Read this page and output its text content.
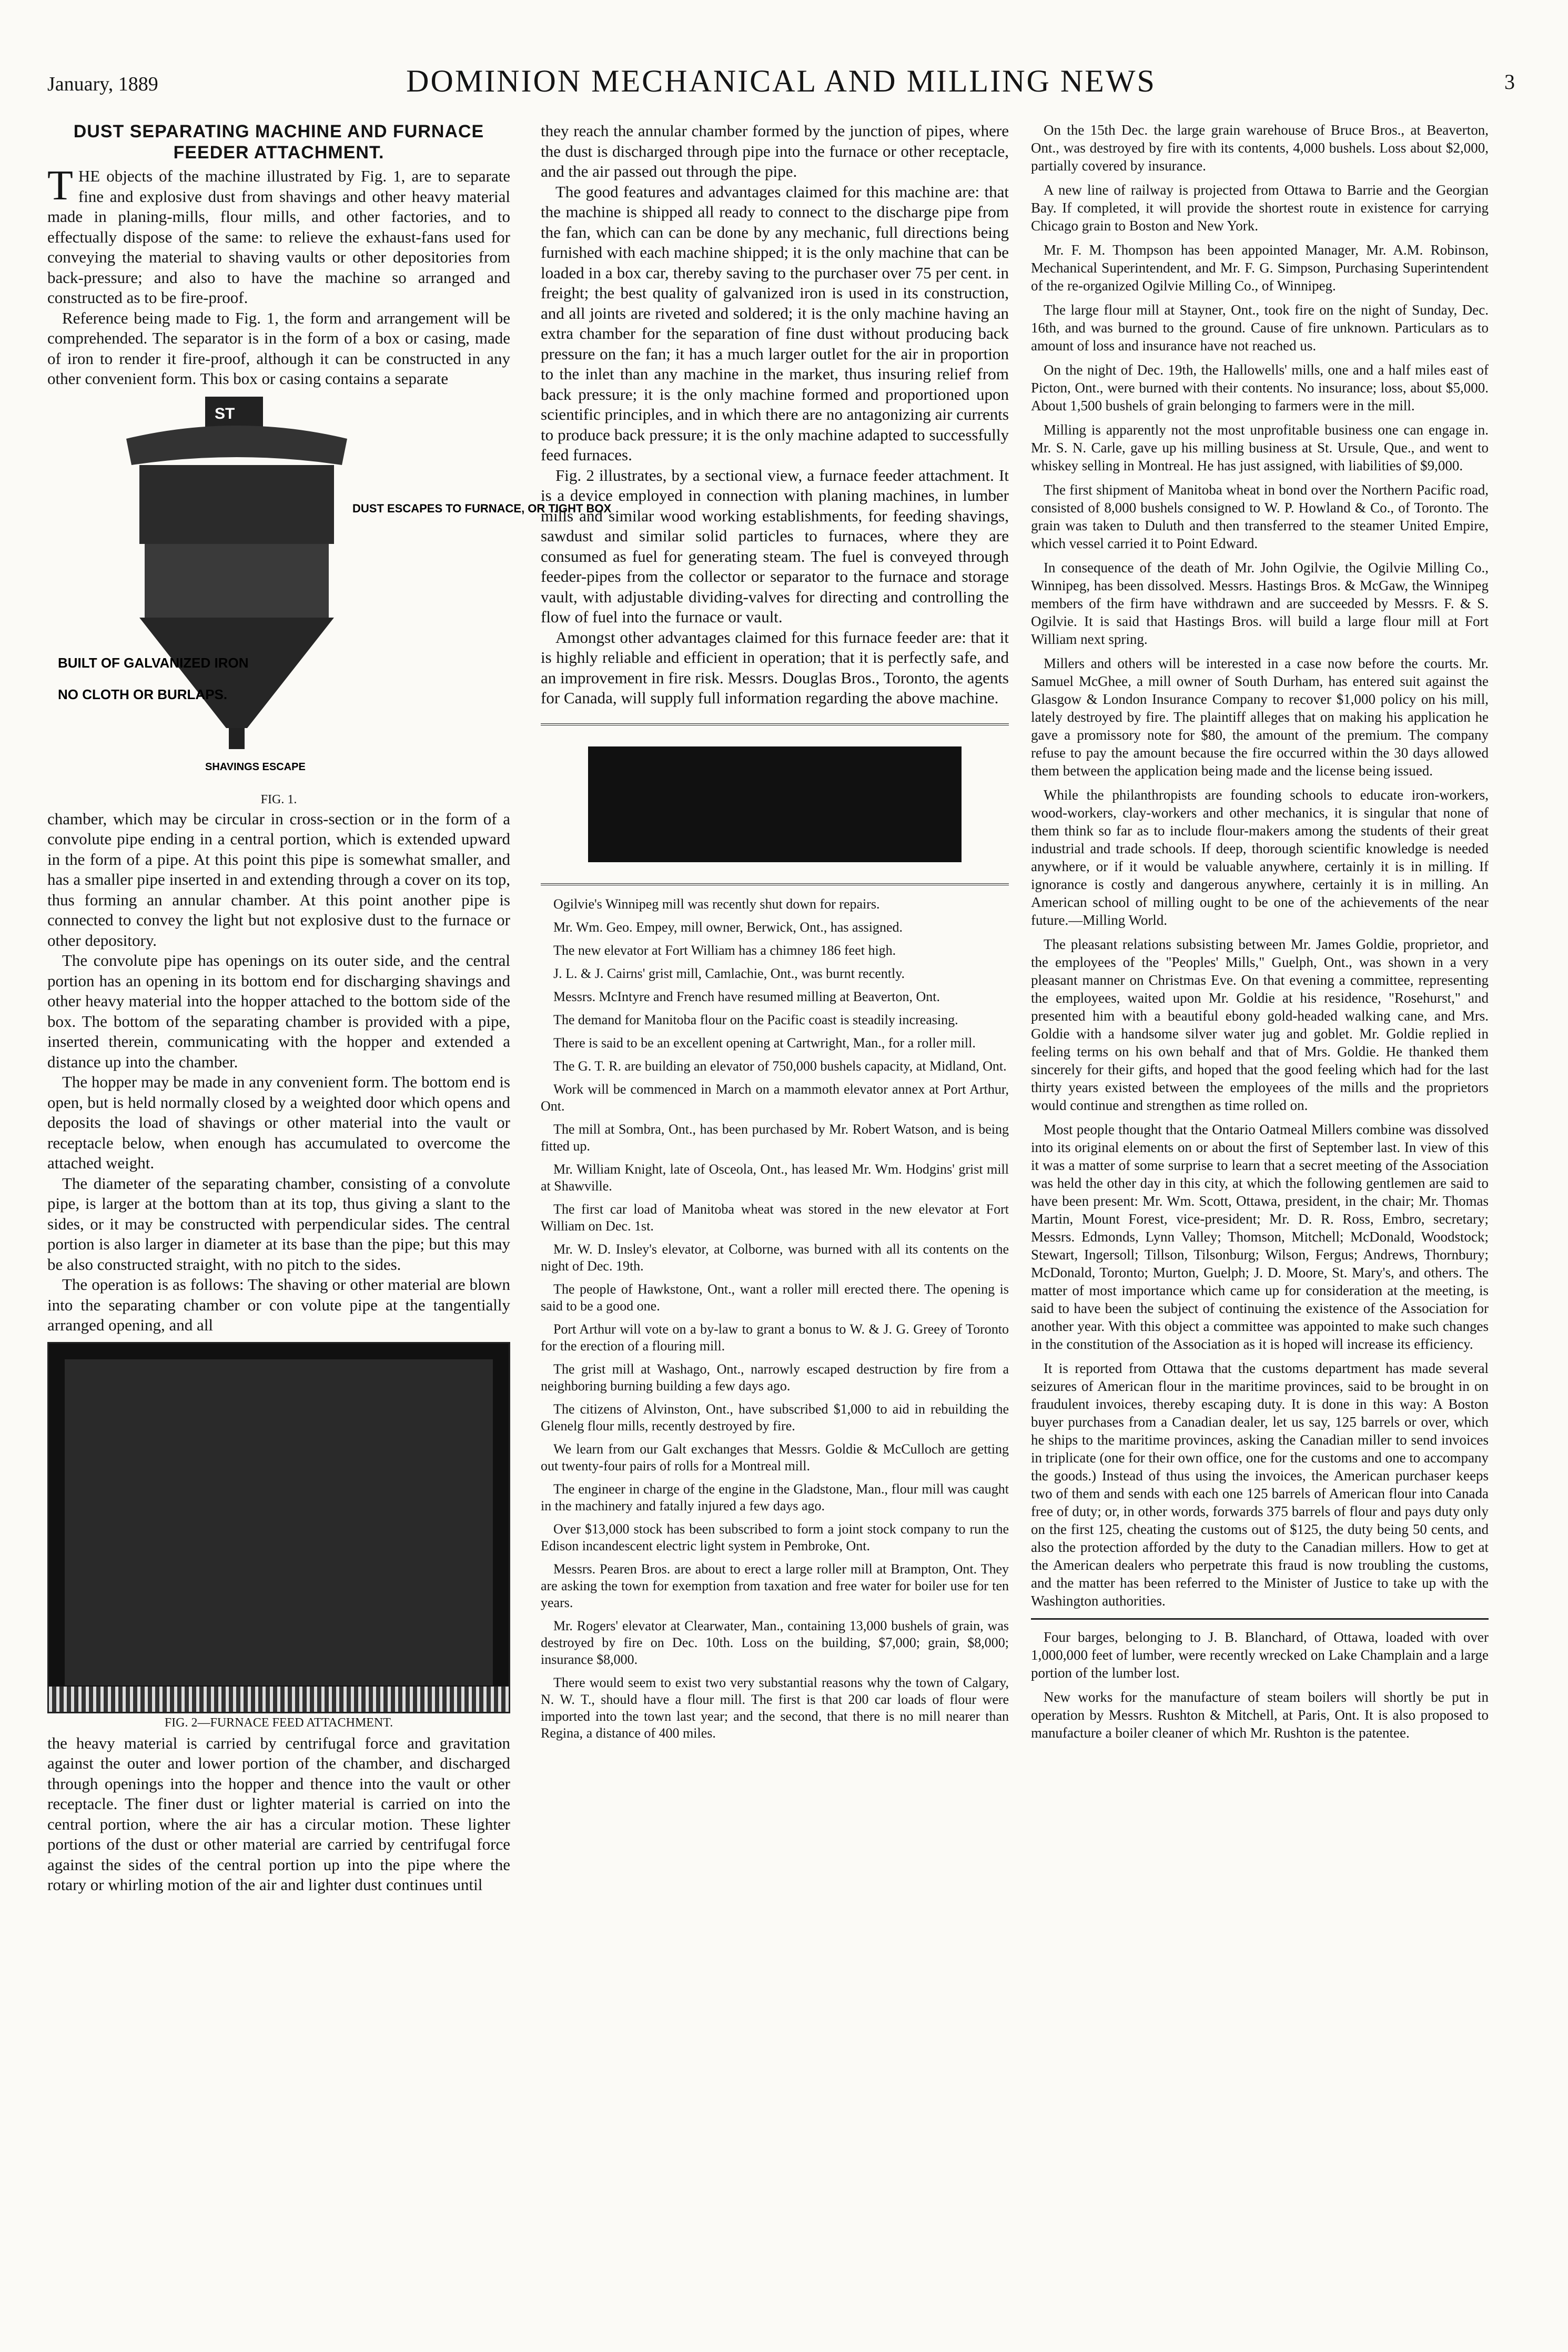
January, 1889	DOMINION MECHANICAL AND MILLING NEWS	3
DUST SEPARATING MACHINE AND FURNACE FEEDER ATTACHMENT.

THE objects of the machine illustrated by Fig. 1, are to separate fine and explosive dust from shavings and other heavy material made in planing-mills, flour mills, and other factories, and to effectually dispose of the same: to relieve the exhaust-fans used for conveying the material to shaving vaults or other depositories from back-pressure; and also to have the machine so arranged and constructed as to be fire-proof.

Reference being made to Fig. 1, the form and arrangement will be comprehended. The separator is in the form of a box or casing, made of iron to render it fire-proof, although it can be constructed in any other convenient form. This box or casing contains a separate

ST
DUST ESCAPES TO FURNACE, OR TIGHT BOX
BUILT OF GALVANIZED IRON
NO CLOTH OR BURLAPS.
SHAVINGS ESCAPE
FIG. 1.

chamber, which may be circular in cross-section or in the form of a convolute pipe ending in a central portion, which is extended upward in the form of a pipe. At this point this pipe is somewhat smaller, and has a smaller pipe inserted in and extending through a cover on its top, thus forming an annular chamber. At this point another pipe is connected to convey the light but not explosive dust to the furnace or other depository.

The convolute pipe has openings on its outer side, and the central portion has an opening in its bottom end for discharging shavings and other heavy material into the hopper attached to the bottom side of the box. The bottom of the separating chamber is provided with a pipe, inserted therein, communicating with the hopper and extended a distance up into the chamber.

The hopper may be made in any convenient form. The bottom end is open, but is held normally closed by a weighted door which opens and deposits the load of shavings or other material into the vault or receptacle below, when enough has accumulated to overcome the attached weight.

The diameter of the separating chamber, consisting of a convolute pipe, is larger at the bottom than at its top, thus giving a slant to the sides, or it may be constructed with perpendicular sides. The central portion is also larger in diameter at its base than the pipe; but this may be also constructed straight, with no pitch to the sides.

The operation is as follows: The shaving or other material are blown into the separating chamber or con volute pipe at the tangentially arranged opening, and all

FIG. 2—FURNACE FEED ATTACHMENT.

the heavy material is carried by centrifugal force and gravitation against the outer and lower portion of the chamber, and discharged through openings into the hopper and thence into the vault or other receptacle. The finer dust or lighter material is carried on into the central portion, where the air has a circular motion. These lighter portions of the dust or other material are carried by centrifugal force against the sides of the central portion up into the pipe where the rotary or whirling motion of the air and lighter dust continues until

they reach the annular chamber formed by the junction of pipes, where the dust is discharged through pipe into the furnace or other receptacle, and the air passed out through the pipe.

The good features and advantages claimed for this machine are: that the machine is shipped all ready to connect to the discharge pipe from the fan, which can can be done by any mechanic, full directions being furnished with each machine shipped; it is the only machine that can be loaded in a box car, thereby saving to the purchaser over 75 per cent. in freight; the best quality of galvanized iron is used in its construction, and all joints are riveted and soldered; it is the only machine having an extra chamber for the separation of fine dust without producing back pressure on the fan; it has a much larger outlet for the air in proportion to the inlet than any machine in the market, thus insuring relief from back pressure; it is the only machine formed and proportioned upon scientific principles, and in which there are no antagonizing air currents to produce back pressure; it is the only machine adapted to successfully feed furnaces.

Fig. 2 illustrates, by a sectional view, a furnace feeder attachment. It is a device employed in connection with planing machines, in lumber mills and similar wood working establishments, for feeding shavings, sawdust and similar solid particles to furnaces, where they are consumed as fuel for generating steam. The fuel is conveyed through feeder-pipes from the collector or separator to the furnace and storage vault, with adjustable dividing-valves for directing and controlling the flow of fuel into the furnace or vault.

Amongst other advantages claimed for this furnace feeder are: that it is highly reliable and efficient in operation; that it is perfectly safe, and an improvement in fire risk. Messrs. Douglas Bros., Toronto, the agents for Canada, will supply full information regarding the above machine.

Ogilvie's Winnipeg mill was recently shut down for repairs.

Mr. Wm. Geo. Empey, mill owner, Berwick, Ont., has assigned.

The new elevator at Fort William has a chimney 186 feet high.

J. L. & J. Cairns' grist mill, Camlachie, Ont., was burnt recently.

Messrs. McIntyre and French have resumed milling at Beaverton, Ont.

The demand for Manitoba flour on the Pacific coast is steadily increasing.

There is said to be an excellent opening at Cartwright, Man., for a roller mill.

The G. T. R. are building an elevator of 750,000 bushels capacity, at Midland, Ont.

Work will be commenced in March on a mammoth elevator annex at Port Arthur, Ont.

The mill at Sombra, Ont., has been purchased by Mr. Robert Watson, and is being fitted up.

Mr. William Knight, late of Osceola, Ont., has leased Mr. Wm. Hodgins' grist mill at Shawville.

The first car load of Manitoba wheat was stored in the new elevator at Fort William on Dec. 1st.

Mr. W. D. Insley's elevator, at Colborne, was burned with all its contents on the night of Dec. 19th.

The people of Hawkstone, Ont., want a roller mill erected there. The opening is said to be a good one.

Port Arthur will vote on a by-law to grant a bonus to W. & J. G. Greey of Toronto for the erection of a flouring mill.

The grist mill at Washago, Ont., narrowly escaped destruction by fire from a neighboring burning building a few days ago.

The citizens of Alvinston, Ont., have subscribed $1,000 to aid in rebuilding the Glenelg flour mills, recently destroyed by fire.

We learn from our Galt exchanges that Messrs. Goldie & McCulloch are getting out twenty-four pairs of rolls for a Montreal mill.

The engineer in charge of the engine in the Gladstone, Man., flour mill was caught in the machinery and fatally injured a few days ago.

Over $13,000 stock has been subscribed to form a joint stock company to run the Edison incandescent electric light system in Pembroke, Ont.

Messrs. Pearen Bros. are about to erect a large roller mill at Brampton, Ont. They are asking the town for exemption from taxation and free water for boiler use for ten years.

Mr. Rogers' elevator at Clearwater, Man., containing 13,000 bushels of grain, was destroyed by fire on Dec. 10th. Loss on the building, $7,000; grain, $8,000; insurance $8,000.

There would seem to exist two very substantial reasons why the town of Calgary, N. W. T., should have a flour mill. The first is that 200 car loads of flour were imported into the town last year; and the second, that there is no mill nearer than Regina, a distance of 400 miles.

On the 15th Dec. the large grain warehouse of Bruce Bros., at Beaverton, Ont., was destroyed by fire with its contents, 4,000 bushels. Loss about $2,000, partially covered by insurance.

A new line of railway is projected from Ottawa to Barrie and the Georgian Bay. If completed, it will provide the shortest route in existence for carrying Chicago grain to Boston and New York.

Mr. F. M. Thompson has been appointed Manager, Mr. A.M. Robinson, Mechanical Superintendent, and Mr. F. G. Simpson, Purchasing Superintendent of the re-organized Ogilvie Milling Co., of Winnipeg.

The large flour mill at Stayner, Ont., took fire on the night of Sunday, Dec. 16th, and was burned to the ground. Cause of fire unknown. Particulars as to amount of loss and insurance have not reached us.

On the night of Dec. 19th, the Hallowells' mills, one and a half miles east of Picton, Ont., were burned with their contents. No insurance; loss, about $5,000. About 1,500 bushels of grain belonging to farmers were in the mill.

Milling is apparently not the most unprofitable business one can engage in. Mr. S. N. Carle, gave up his milling business at St. Ursule, Que., and went to whiskey selling in Montreal. He has just assigned, with liabilities of $9,000.

The first shipment of Manitoba wheat in bond over the Northern Pacific road, consisted of 8,000 bushels consigned to W. P. Howland & Co., of Toronto. The grain was taken to Duluth and then transferred to the steamer United Empire, which vessel carried it to Point Edward.

In consequence of the death of Mr. John Ogilvie, the Ogilvie Milling Co., Winnipeg, has been dissolved. Messrs. Hastings Bros. & McGaw, the Winnipeg members of the firm have withdrawn and are succeeded by Messrs. F. & S. Ogilvie. It is said that Hastings Bros. will build a large flour mill at Fort William next spring.

Millers and others will be interested in a case now before the courts. Mr. Samuel McGhee, a mill owner of South Durham, has entered suit against the Glasgow & London Insurance Company to recover $1,000 policy on his mill, lately destroyed by fire. The plaintiff alleges that on making his application he gave a promissory note for $80, the amount of the premium. The company refuse to pay the amount because the fire occurred within the 30 days allowed them between the application being made and the license being issued.

While the philanthropists are founding schools to educate iron-workers, wood-workers, clay-workers and other mechanics, it is singular that none of them think so far as to include flour-makers among the students of their great industrial and trade schools. If deep, thorough scientific knowledge is needed anywhere, or if it would be valuable anywhere, certainly it is in milling. If ignorance is costly and dangerous anywhere, certainly it is in milling. An American school of milling ought to be one of the achievements of the near future.—Milling World.

The pleasant relations subsisting between Mr. James Goldie, proprietor, and the employees of the "Peoples' Mills," Guelph, Ont., was shown in a very pleasant manner on Christmas Eve. On that evening a committee, representing the employees, waited upon Mr. Goldie at his residence, "Rosehurst," and presented him with a beautiful ebony gold-headed walking cane, and Mrs. Goldie with a handsome silver water jug and goblet. Mr. Goldie replied in feeling terms on his own behalf and that of Mrs. Goldie. He thanked them sincerely for their gifts, and hoped that the good feeling which had for the last thirty years existed between the employees of the mills and the proprietors would continue and strengthen as time rolled on.

Most people thought that the Ontario Oatmeal Millers combine was dissolved into its original elements on or about the first of September last. In view of this it was a matter of some surprise to learn that a secret meeting of the Association was held the other day in this city, at which the following gentlemen are said to have been present: Mr. Wm. Scott, Ottawa, president, in the chair; Mr. Thomas Martin, Mount Forest, vice-president; Mr. D. R. Ross, Embro, secretary; Messrs. Edmonds, Lynn Valley; Thomson, Mitchell; McDonald, Woodstock; Stewart, Ingersoll; Tillson, Tilsonburg; Wilson, Fergus; Andrews, Thornbury; McDonald, Toronto; Murton, Guelph; J. D. Moore, St. Mary's, and others. The matter of most importance which came up for consideration at the meeting, is said to have been the subject of continuing the existence of the Association for another year. With this object a committee was appointed to make such changes in the constitution of the Association as it is hoped will increase its efficiency.

It is reported from Ottawa that the customs department has made several seizures of American flour in the maritime provinces, said to be brought in on fraudulent invoices, thereby escaping duty. It is done in this way: A Boston buyer purchases from a Canadian dealer, let us say, 125 barrels or over, which he ships to the maritime provinces, asking the Canadian miller to send invoices in triplicate (one for their own office, one for the customs and one to accompany the goods.) Instead of thus using the invoices, the American purchaser keeps two of them and sends with each one 125 barrels of American flour into Canada free of duty; or, in other words, forwards 375 barrels of flour and pays duty only on the first 125, cheating the customs out of $125, the duty being 50 cents, and also the protection afforded by the duty to the Canadian millers. How to get at the American dealers who perpetrate this fraud is now troubling the customs, and the matter has been referred to the Minister of Justice to take up with the Washington authorities.

Four barges, belonging to J. B. Blanchard, of Ottawa, loaded with over 1,000,000 feet of lumber, were recently wrecked on Lake Champlain and a large portion of the lumber lost.

New works for the manufacture of steam boilers will shortly be put in operation by Messrs. Rushton & Mitchell, at Paris, Ont. It is also proposed to manufacture a boiler cleaner of which Mr. Rushton is the patentee.
